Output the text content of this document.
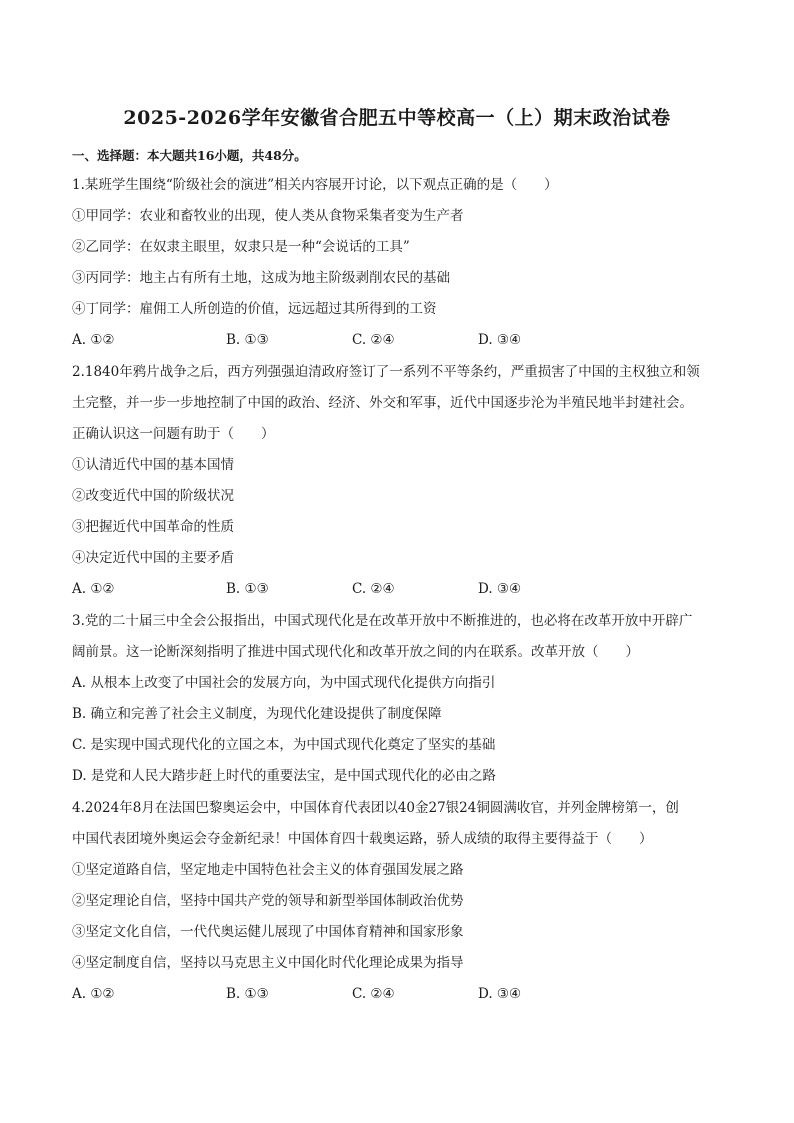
2025-2026学年安徽省合肥五中等校高一（上）期末政治试卷
一、选择题：本大题共16小题，共48分。
1.某班学生围绕“阶级社会的演进”相关内容展开讨论，以下观点正确的是（　　）
①甲同学：农业和畜牧业的出现，使人类从食物采集者变为生产者
②乙同学：在奴隶主眼里，奴隶只是一种“会说话的工具”
③丙同学：地主占有所有土地，这成为地主阶级剥削农民的基础
④丁同学：雇佣工人所创造的价值，远远超过其所得到的工资
A. ①②	B. ①③	C. ②④	D. ③④
2.1840年鸦片战争之后，西方列强强迫清政府签订了一系列不平等条约，严重损害了中国的主权独立和领
土完整，并一步一步地控制了中国的政治、经济、外交和军事，近代中国逐步沦为半殖民地半封建社会。
正确认识这一问题有助于（　　）
①认清近代中国的基本国情
②改变近代中国的阶级状况
③把握近代中国革命的性质
④决定近代中国的主要矛盾
A. ①②	B. ①③	C. ②④	D. ③④
3.党的二十届三中全会公报指出，中国式现代化是在改革开放中不断推进的，也必将在改革开放中开辟广
阔前景。这一论断深刻指明了推进中国式现代化和改革开放之间的内在联系。改革开放（　　）
A. 从根本上改变了中国社会的发展方向，为中国式现代化提供方向指引
B. 确立和完善了社会主义制度，为现代化建设提供了制度保障
C. 是实现中国式现代化的立国之本，为中国式现代化奠定了坚实的基础
D. 是党和人民大踏步赶上时代的重要法宝，是中国式现代化的必由之路
4.2024年8月在法国巴黎奥运会中，中国体育代表团以40金27银24铜圆满收官，并列金牌榜第一，创
中国代表团境外奥运会夺金新纪录！中国体育四十载奥运路，骄人成绩的取得主要得益于（　　）
①坚定道路自信，坚定地走中国特色社会主义的体育强国发展之路
②坚定理论自信，坚持中国共产党的领导和新型举国体制政治优势
③坚定文化自信，一代代奥运健儿展现了中国体育精神和国家形象
④坚定制度自信，坚持以马克思主义中国化时代化理论成果为指导
A. ①②	B. ①③	C. ②④	D. ③④
